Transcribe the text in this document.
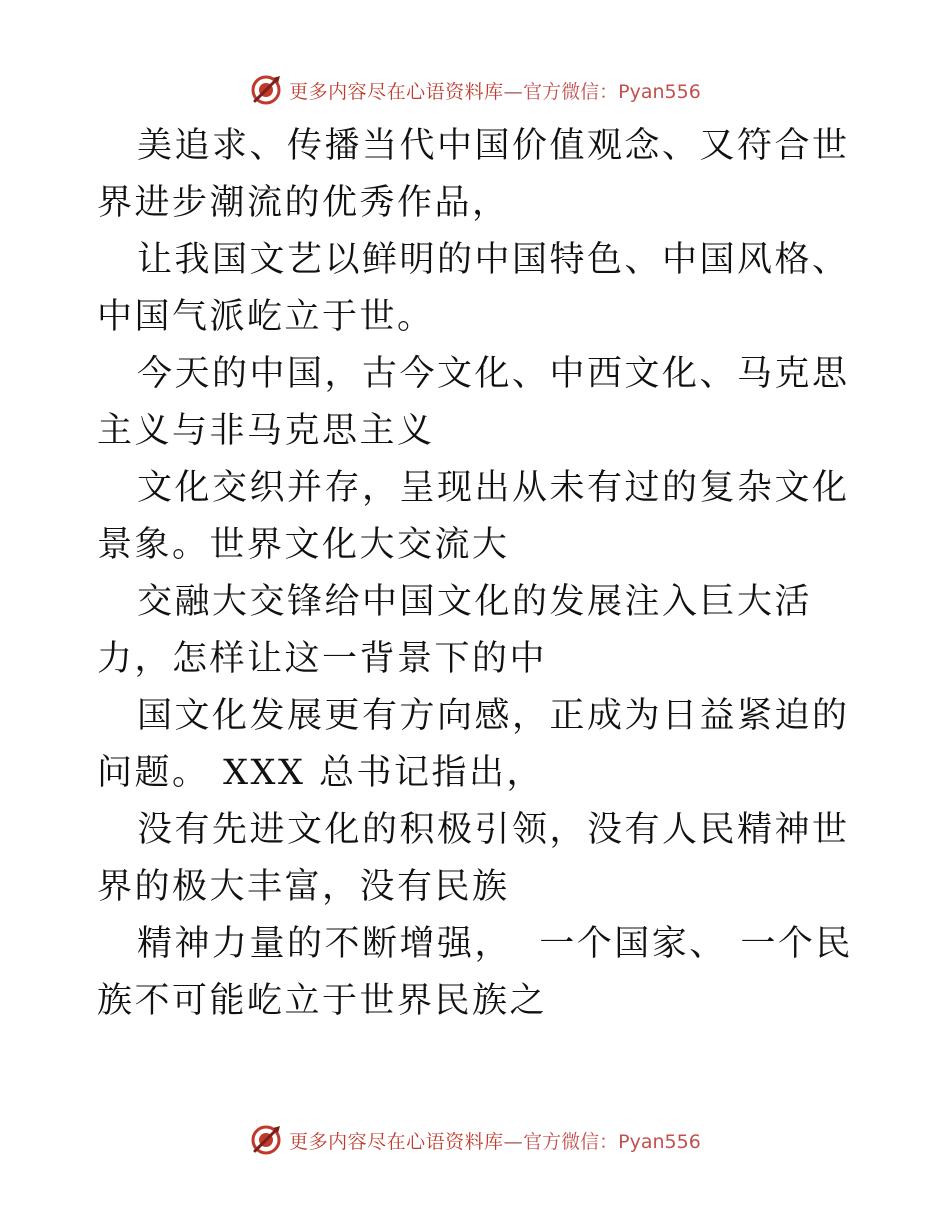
更多内容尽在心语资料库—官方微信：Pyan556

美追求、传播当代中国价值观念、又符合世界进步潮流的优秀作品，

让我国文艺以鲜明的中国特色、中国风格、中国气派屹立于世。

今天的中国，古今文化、中西文化、马克思主义与非马克思主义

文化交织并存，呈现出从未有过的复杂文化景象。世界文化大交流大

交融大交锋给中国文化的发展注入巨大活力，怎样让这一背景下的中

国文化发展更有方向感，正成为日益紧迫的问题。 XXX 总书记指出，

没有先进文化的积极引领，没有人民精神世界的极大丰富，没有民族

精神力量的不断增强，  一个国家、 一个民族不可能屹立于世界民族之

更多内容尽在心语资料库—官方微信：Pyan556
